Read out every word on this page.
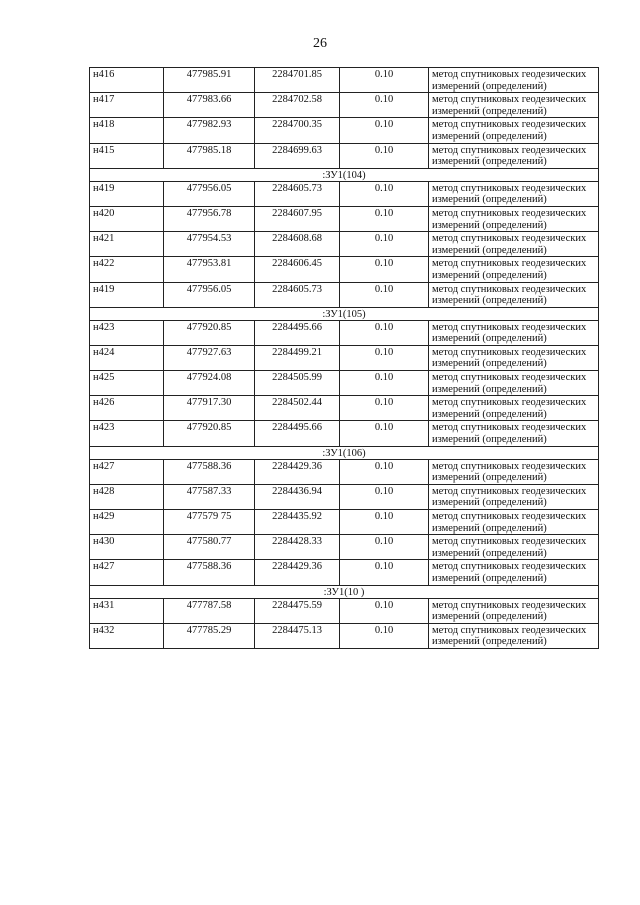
26
н416	477985.91	2284701.85	0.10	метод спутниковых геодезических измерений (определений)
н417	477983.66	2284702.58	0.10	метод спутниковых геодезических измерений (определений)
н418	477982.93	2284700.35	0.10	метод спутниковых геодезических измерений (определений)
н415	477985.18	2284699.63	0.10	метод спутниковых геодезических измерений (определений)
:ЗУ1(104)				
н419	477956.05	2284605.73	0.10	метод спутниковых геодезических измерений (определений)
н420	477956.78	2284607.95	0.10	метод спутниковых геодезических измерений (определений)
н421	477954.53	2284608.68	0.10	метод спутниковых геодезических измерений (определений)
н422	477953.81	2284606.45	0.10	метод спутниковых геодезических измерений (определений)
н419	477956.05	2284605.73	0.10	метод спутниковых геодезических измерений (определений)
:ЗУ1(105)				
н423	477920.85	2284495.66	0.10	метод спутниковых геодезических измерений (определений)
н424	477927.63	2284499.21	0.10	метод спутниковых геодезических измерений (определений)
н425	477924.08	2284505.99	0.10	метод спутниковых геодезических измерений (определений)
н426	477917.30	2284502.44	0.10	метод спутниковых геодезических измерений (определений)
н423	477920.85	2284495.66	0.10	метод спутниковых геодезических измерений (определений)
:ЗУ1(106)				
н427	477588.36	2284429.36	0.10	метод спутниковых геодезических измерений (определений)
н428	477587.33	2284436.94	0.10	метод спутниковых геодезических измерений (определений)
н429	477579 75	2284435.92	0.10	метод спутниковых геодезических измерений (определений)
н430	477580.77	2284428.33	0.10	метод спутниковых геодезических измерений (определений)
н427	477588.36	2284429.36	0.10	метод спутниковых геодезических измерений (определений)
:ЗУ1(10 )				
н431	477787.58	2284475.59	0.10	метод спутниковых геодезических измерений (определений)
н432	477785.29	2284475.13	0.10	метод спутниковых геодезических измерений (определений)
